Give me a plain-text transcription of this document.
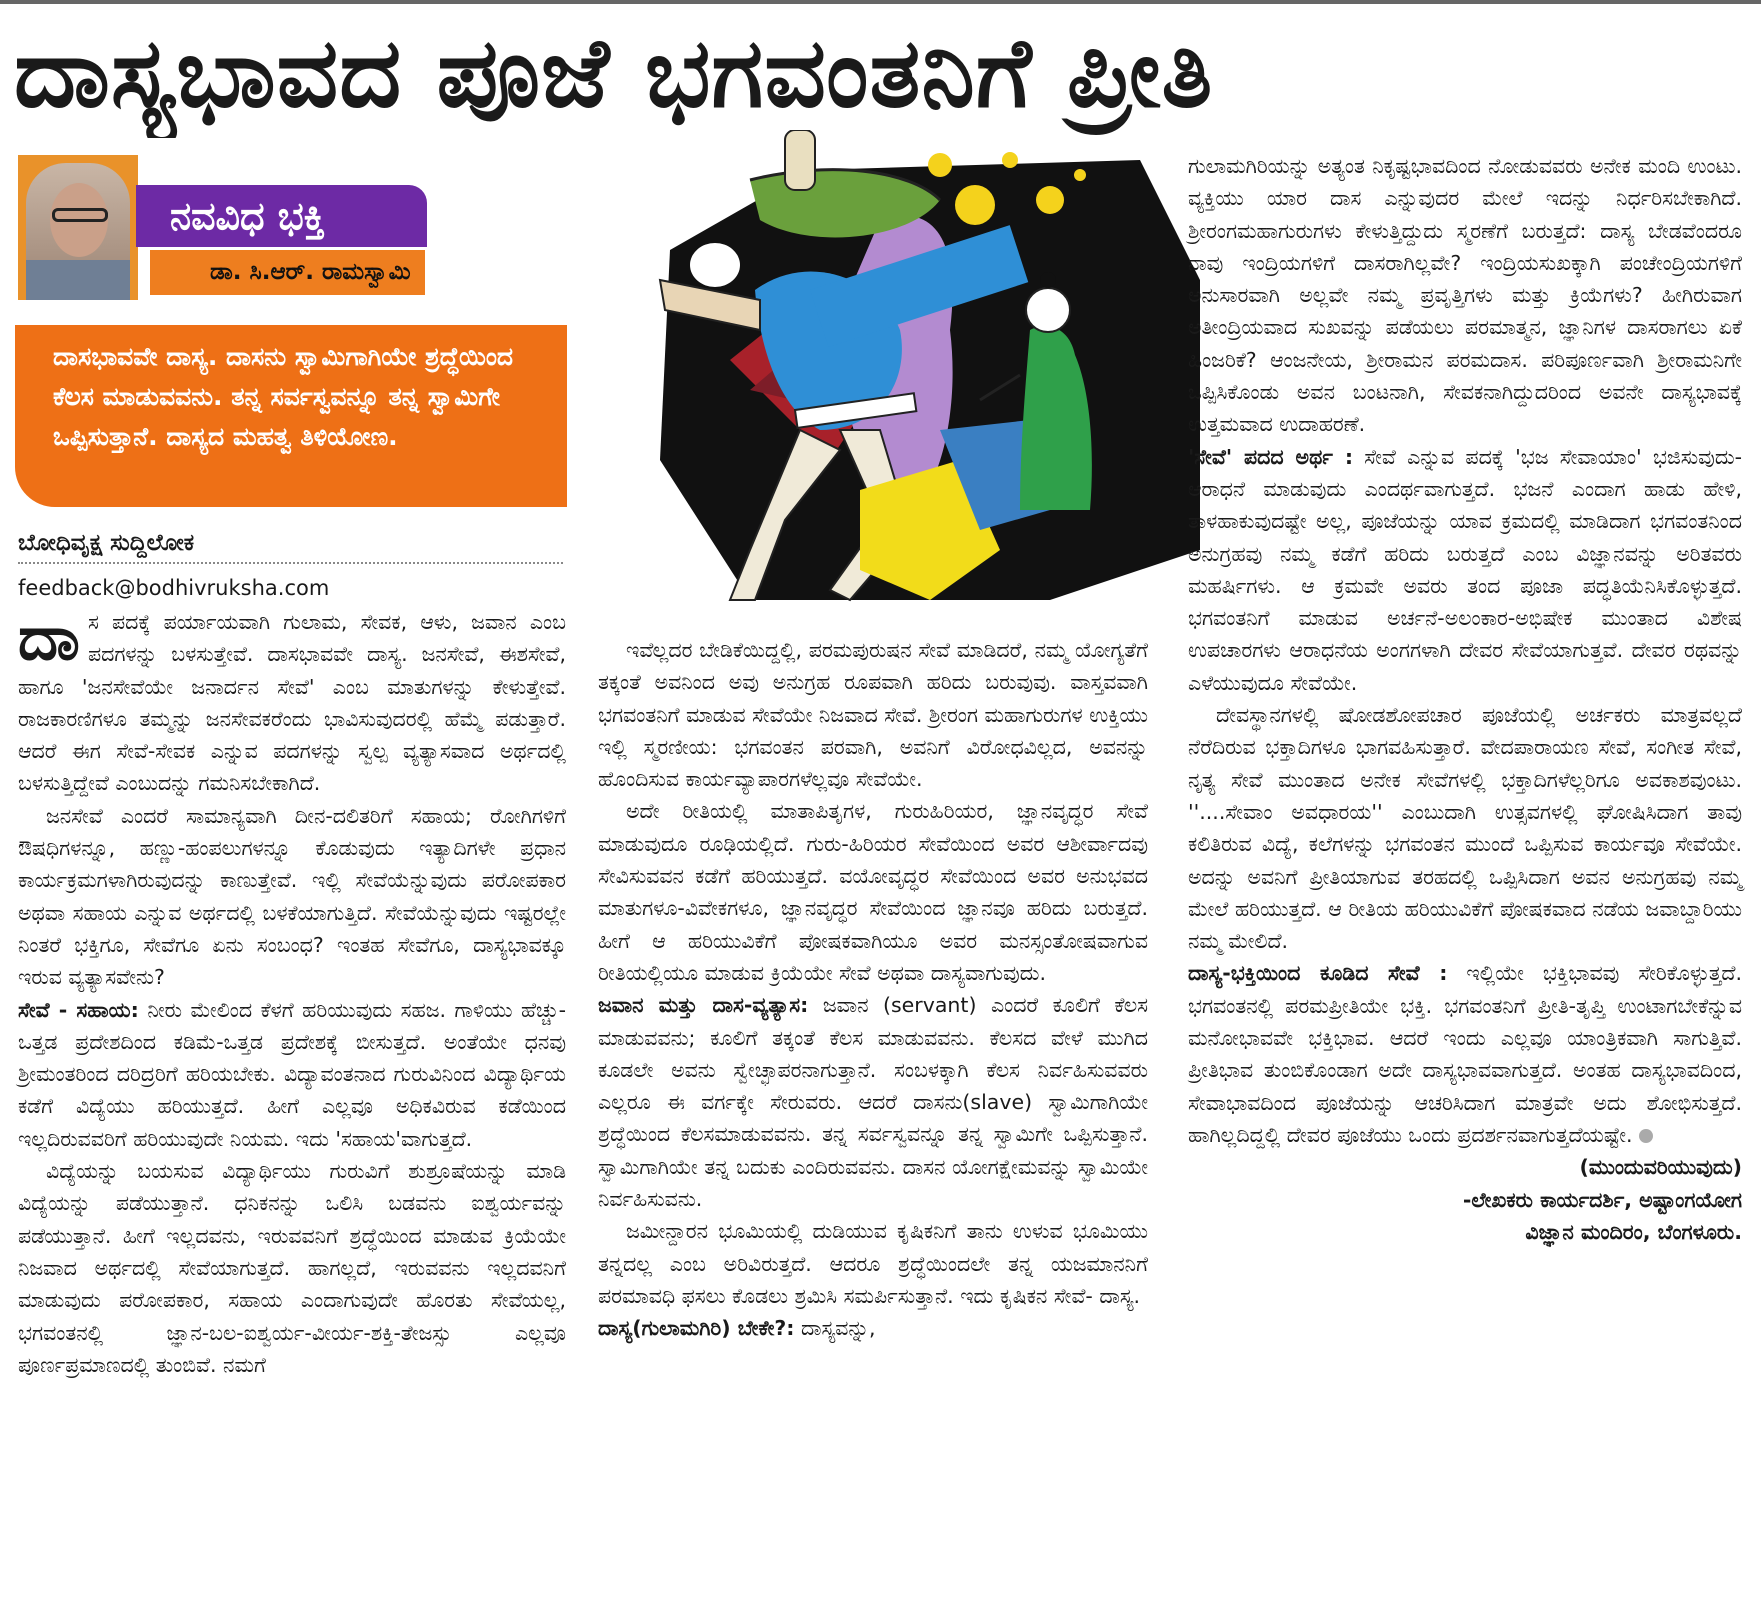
ದಾಸ್ಯಭಾವದ ಪೂಜೆ ಭಗವಂತನಿಗೆ ಪ್ರೀತಿ
ನವವಿಧ ಭಕ್ತಿ
ಡಾ. ಸಿ.ಆರ್. ರಾಮಸ್ವಾಮಿ
ದಾಸಭಾವವೇ ದಾಸ್ಯ. ದಾಸನು ಸ್ವಾಮಿಗಾಗಿಯೇ ಶ್ರದ್ಧೆಯಿಂದ ಕೆಲಸ ಮಾಡುವವನು. ತನ್ನ ಸರ್ವಸ್ವವನ್ನೂ ತನ್ನ ಸ್ವಾಮಿಗೇ ಒಪ್ಪಿಸುತ್ತಾನೆ. ದಾಸ್ಯದ ಮಹತ್ವ ತಿಳಿಯೋಣ.
ಬೋಧಿವೃಕ್ಷ ಸುದ್ದಿಲೋಕ
feedback@bodhivruksha.com

ದಾಸ ಪದಕ್ಕೆ ಪರ್ಯಾಯವಾಗಿ ಗುಲಾಮ, ಸೇವಕ, ಆಳು, ಜವಾನ ಎಂಬ ಪದಗಳನ್ನು ಬಳಸುತ್ತೇವೆ. ದಾಸಭಾವವೇ ದಾಸ್ಯ. ಜನಸೇವೆ, ಈಶಸೇವೆ, ಹಾಗೂ 'ಜನಸೇವೆಯೇ ಜನಾರ್ದನ ಸೇವೆ' ಎಂಬ ಮಾತುಗಳನ್ನು ಕೇಳುತ್ತೇವೆ. ರಾಜಕಾರಣಿಗಳೂ ತಮ್ಮನ್ನು ಜನಸೇವಕರೆಂದು ಭಾವಿಸುವುದರಲ್ಲಿ ಹೆಮ್ಮೆ ಪಡುತ್ತಾರೆ. ಆದರೆ ಈಗ ಸೇವೆ-ಸೇವಕ ಎನ್ನುವ ಪದಗಳನ್ನು ಸ್ವಲ್ಪ ವ್ಯತ್ಯಾಸವಾದ ಅರ್ಥದಲ್ಲಿ ಬಳಸುತ್ತಿದ್ದೇವೆ ಎಂಬುದನ್ನು ಗಮನಿಸಬೇಕಾಗಿದೆ.

ಜನಸೇವೆ ಎಂದರೆ ಸಾಮಾನ್ಯವಾಗಿ ದೀನ-ದಲಿತರಿಗೆ ಸಹಾಯ; ರೋಗಿಗಳಿಗೆ ಔಷಧಿಗಳನ್ನೂ, ಹಣ್ಣು-ಹಂಪಲುಗಳನ್ನೂ ಕೊಡುವುದು ಇತ್ಯಾದಿಗಳೇ ಪ್ರಧಾನ ಕಾರ್ಯಕ್ರಮಗಳಾಗಿರುವುದನ್ನು ಕಾಣುತ್ತೇವೆ. ಇಲ್ಲಿ ಸೇವೆಯೆನ್ನುವುದು ಪರೋಪಕಾರ ಅಥವಾ ಸಹಾಯ ಎನ್ನುವ ಅರ್ಥದಲ್ಲಿ ಬಳಕೆಯಾಗುತ್ತಿದೆ. ಸೇವೆಯೆನ್ನುವುದು ಇಷ್ಟರಲ್ಲೇ ನಿಂತರೆ ಭಕ್ತಿಗೂ, ಸೇವೆಗೂ ಏನು ಸಂಬಂಧ? ಇಂತಹ ಸೇವೆಗೂ, ದಾಸ್ಯಭಾವಕ್ಕೂ ಇರುವ ವ್ಯತ್ಯಾಸವೇನು?

ಸೇವೆ - ಸಹಾಯ: ನೀರು ಮೇಲಿಂದ ಕೆಳಗೆ ಹರಿಯುವುದು ಸಹಜ. ಗಾಳಿಯು ಹೆಚ್ಚು-ಒತ್ತಡ ಪ್ರದೇಶದಿಂದ ಕಡಿಮೆ-ಒತ್ತಡ ಪ್ರದೇಶಕ್ಕೆ ಬೀಸುತ್ತದೆ. ಅಂತೆಯೇ ಧನವು ಶ್ರೀಮಂತರಿಂದ ದರಿದ್ರರಿಗೆ ಹರಿಯಬೇಕು. ವಿದ್ಯಾವಂತನಾದ ಗುರುವಿನಿಂದ ವಿದ್ಯಾರ್ಥಿಯ ಕಡೆಗೆ ವಿದ್ಯೆಯು ಹರಿಯುತ್ತದೆ. ಹೀಗೆ ಎಲ್ಲವೂ ಅಧಿಕವಿರುವ ಕಡೆಯಿಂದ ಇಲ್ಲದಿರುವವರಿಗೆ ಹರಿಯುವುದೇ ನಿಯಮ. ಇದು 'ಸಹಾಯ'ವಾಗುತ್ತದೆ.

ವಿದ್ಯೆಯನ್ನು ಬಯಸುವ ವಿದ್ಯಾರ್ಥಿಯು ಗುರುವಿಗೆ ಶುಶ್ರೂಷೆಯನ್ನು ಮಾಡಿ ವಿದ್ಯೆಯನ್ನು ಪಡೆಯುತ್ತಾನೆ. ಧನಿಕನನ್ನು ಒಲಿಸಿ ಬಡವನು ಐಶ್ವರ್ಯವನ್ನು ಪಡೆಯುತ್ತಾನೆ. ಹೀಗೆ ಇಲ್ಲದವನು, ಇರುವವನಿಗೆ ಶ್ರದ್ಧೆಯಿಂದ ಮಾಡುವ ಕ್ರಿಯೆಯೇ ನಿಜವಾದ ಅರ್ಥದಲ್ಲಿ ಸೇವೆಯಾಗುತ್ತದೆ. ಹಾಗಲ್ಲದೆ, ಇರುವವನು ಇಲ್ಲದವನಿಗೆ ಮಾಡುವುದು ಪರೋಪಕಾರ, ಸಹಾಯ ಎಂದಾಗುವುದೇ ಹೊರತು ಸೇವೆಯಲ್ಲ, ಭಗವಂತನಲ್ಲಿ ಜ್ಞಾನ-ಬಲ-ಐಶ್ವರ್ಯ-ವೀರ್ಯ-ಶಕ್ತಿ-ತೇಜಸ್ಸು ಎಲ್ಲವೂ ಪೂರ್ಣಪ್ರಮಾಣದಲ್ಲಿ ತುಂಬಿವೆ. ನಮಗೆ

ಇವೆಲ್ಲದರ ಬೇಡಿಕೆಯಿದ್ದಲ್ಲಿ, ಪರಮಪುರುಷನ ಸೇವೆ ಮಾಡಿದರೆ, ನಮ್ಮ ಯೋಗ್ಯತೆಗೆ ತಕ್ಕಂತೆ ಅವನಿಂದ ಅವು ಅನುಗ್ರಹ ರೂಪವಾಗಿ ಹರಿದು ಬರುವುವು. ವಾಸ್ತವವಾಗಿ ಭಗವಂತನಿಗೆ ಮಾಡುವ ಸೇವೆಯೇ ನಿಜವಾದ ಸೇವೆ. ಶ್ರೀರಂಗ ಮಹಾಗುರುಗಳ ಉಕ್ತಿಯು ಇಲ್ಲಿ ಸ್ಮರಣೀಯ: ಭಗವಂತನ ಪರವಾಗಿ, ಅವನಿಗೆ ವಿರೋಧವಿಲ್ಲದ, ಅವನನ್ನು ಹೊಂದಿಸುವ ಕಾರ್ಯವ್ಯಾಪಾರಗಳೆಲ್ಲವೂ ಸೇವೆಯೇ.

ಅದೇ ರೀತಿಯಲ್ಲಿ ಮಾತಾಪಿತೃಗಳ, ಗುರುಹಿರಿಯರ, ಜ್ಞಾನವೃದ್ಧರ ಸೇವೆ ಮಾಡುವುದೂ ರೂಢಿಯಲ್ಲಿದೆ. ಗುರು-ಹಿರಿಯರ ಸೇವೆಯಿಂದ ಅವರ ಆಶೀರ್ವಾದವು ಸೇವಿಸುವವನ ಕಡೆಗೆ ಹರಿಯುತ್ತದೆ. ವಯೋವೃದ್ಧರ ಸೇವೆಯಿಂದ ಅವರ ಅನುಭವದ ಮಾತುಗಳೂ-ವಿವೇಕಗಳೂ, ಜ್ಞಾನವೃದ್ಧರ ಸೇವೆಯಿಂದ ಜ್ಞಾನವೂ ಹರಿದು ಬರುತ್ತದೆ. ಹೀಗೆ ಆ ಹರಿಯುವಿಕೆಗೆ ಪೋಷಕವಾಗಿಯೂ ಅವರ ಮನಸ್ಸಂತೋಷವಾಗುವ ರೀತಿಯಲ್ಲಿಯೂ ಮಾಡುವ ಕ್ರಿಯೆಯೇ ಸೇವೆ ಅಥವಾ ದಾಸ್ಯವಾಗುವುದು.

ಜವಾನ ಮತ್ತು ದಾಸ-ವ್ಯತ್ಯಾಸ: ಜವಾನ (servant) ಎಂದರೆ ಕೂಲಿಗೆ ಕೆಲಸ ಮಾಡುವವನು; ಕೂಲಿಗೆ ತಕ್ಕಂತೆ ಕೆಲಸ ಮಾಡುವವನು. ಕೆಲಸದ ವೇಳೆ ಮುಗಿದ ಕೂಡಲೇ ಅವನು ಸ್ವೇಚ್ಛಾಪರನಾಗುತ್ತಾನೆ. ಸಂಬಳಕ್ಕಾಗಿ ಕೆಲಸ ನಿರ್ವಹಿಸುವವರು ಎಲ್ಲರೂ ಈ ವರ್ಗಕ್ಕೇ ಸೇರುವರು. ಆದರೆ ದಾಸನು(slave) ಸ್ವಾಮಿಗಾಗಿಯೇ ಶ್ರದ್ಧೆಯಿಂದ ಕೆಲಸಮಾಡುವವನು. ತನ್ನ ಸರ್ವಸ್ವವನ್ನೂ ತನ್ನ ಸ್ವಾಮಿಗೇ ಒಪ್ಪಿಸುತ್ತಾನೆ. ಸ್ವಾಮಿಗಾಗಿಯೇ ತನ್ನ ಬದುಕು ಎಂದಿರುವವನು. ದಾಸನ ಯೋಗಕ್ಷೇಮವನ್ನು ಸ್ವಾಮಿಯೇ ನಿರ್ವಹಿಸುವನು.

ಜಮೀನ್ದಾರನ ಭೂಮಿಯಲ್ಲಿ ದುಡಿಯುವ ಕೃಷಿಕನಿಗೆ ತಾನು ಉಳುವ ಭೂಮಿಯು ತನ್ನದಲ್ಲ ಎಂಬ ಅರಿವಿರುತ್ತದೆ. ಆದರೂ ಶ್ರದ್ಧೆಯಿಂದಲೇ ತನ್ನ ಯಜಮಾನನಿಗೆ ಪರಮಾವಧಿ ಫಸಲು ಕೊಡಲು ಶ್ರಮಿಸಿ ಸಮರ್ಪಿಸುತ್ತಾನೆ. ಇದು ಕೃಷಿಕನ ಸೇವೆ- ದಾಸ್ಯ.

ದಾಸ್ಯ(ಗುಲಾಮಗಿರಿ) ಬೇಕೇ?: ದಾಸ್ಯವನ್ನು,

ಗುಲಾಮಗಿರಿಯನ್ನು ಅತ್ಯಂತ ನಿಕೃಷ್ಟಭಾವದಿಂದ ನೋಡುವವರು ಅನೇಕ ಮಂದಿ ಉಂಟು. ವ್ಯಕ್ತಿಯು ಯಾರ ದಾಸ ಎನ್ನುವುದರ ಮೇಲೆ ಇದನ್ನು ನಿರ್ಧರಿಸಬೇಕಾಗಿದೆ. ಶ್ರೀರಂಗಮಹಾಗುರುಗಳು ಕೇಳುತ್ತಿದ್ದುದು ಸ್ಮರಣೆಗೆ ಬರುತ್ತದೆ: ದಾಸ್ಯ ಬೇಡವೆಂದರೂ ನಾವು ಇಂದ್ರಿಯಗಳಿಗೆ ದಾಸರಾಗಿಲ್ಲವೇ? ಇಂದ್ರಿಯಸುಖಕ್ಕಾಗಿ ಪಂಚೇಂದ್ರಿಯಗಳಿಗೆ ಅನುಸಾರವಾಗಿ ಅಲ್ಲವೇ ನಮ್ಮ ಪ್ರವೃತ್ತಿಗಳು ಮತ್ತು ಕ್ರಿಯೆಗಳು? ಹೀಗಿರುವಾಗ ಅತೀಂದ್ರಿಯವಾದ ಸುಖವನ್ನು ಪಡೆಯಲು ಪರಮಾತ್ಮನ, ಜ್ಞಾನಿಗಳ ದಾಸರಾಗಲು ಏಕೆ ಹಿಂಜರಿಕೆ? ಆಂಜನೇಯ, ಶ್ರೀರಾಮನ ಪರಮದಾಸ. ಪರಿಪೂರ್ಣವಾಗಿ ಶ್ರೀರಾಮನಿಗೇ ಒಪ್ಪಿಸಿಕೊಂಡು ಅವನ ಬಂಟನಾಗಿ, ಸೇವಕನಾಗಿದ್ದುದರಿಂದ ಅವನೇ ದಾಸ್ಯಭಾವಕ್ಕೆ ಉತ್ತಮವಾದ ಉದಾಹರಣೆ.

'ಸೇವೆ' ಪದದ ಅರ್ಥ : ಸೇವೆ ಎನ್ನುವ ಪದಕ್ಕೆ 'ಭಜ ಸೇವಾಯಾಂ' ಭಜಿಸುವುದು-ಆರಾಧನೆ ಮಾಡುವುದು ಎಂದರ್ಥವಾಗುತ್ತದೆ. ಭಜನೆ ಎಂದಾಗ ಹಾಡು ಹೇಳಿ, ತಾಳಹಾಕುವುದಷ್ಟೇ ಅಲ್ಲ, ಪೂಜೆಯನ್ನು ಯಾವ ಕ್ರಮದಲ್ಲಿ ಮಾಡಿದಾಗ ಭಗವಂತನಿಂದ ಅನುಗ್ರಹವು ನಮ್ಮ ಕಡೆಗೆ ಹರಿದು ಬರುತ್ತದೆ ಎಂಬ ವಿಜ್ಞಾನವನ್ನು ಅರಿತವರು ಮಹರ್ಷಿಗಳು. ಆ ಕ್ರಮವೇ ಅವರು ತಂದ ಪೂಜಾ ಪದ್ಧತಿಯೆನಿಸಿಕೊಳ್ಳುತ್ತದೆ. ಭಗವಂತನಿಗೆ ಮಾಡುವ ಅರ್ಚನೆ-ಅಲಂಕಾರ-ಅಭಿಷೇಕ ಮುಂತಾದ ವಿಶೇಷ ಉಪಚಾರಗಳು ಆರಾಧನೆಯ ಅಂಗಗಳಾಗಿ ದೇವರ ಸೇವೆಯಾಗುತ್ತವೆ. ದೇವರ ರಥವನ್ನು ಎಳೆಯುವುದೂ ಸೇವೆಯೇ.

ದೇವಸ್ಥಾನಗಳಲ್ಲಿ ಷೋಡಶೋಪಚಾರ ಪೂಜೆಯಲ್ಲಿ ಅರ್ಚಕರು ಮಾತ್ರವಲ್ಲದೆ ನೆರೆದಿರುವ ಭಕ್ತಾದಿಗಳೂ ಭಾಗವಹಿಸುತ್ತಾರೆ. ವೇದಪಾರಾಯಣ ಸೇವೆ, ಸಂಗೀತ ಸೇವೆ, ನೃತ್ಯ ಸೇವೆ ಮುಂತಾದ ಅನೇಕ ಸೇವೆಗಳಲ್ಲಿ ಭಕ್ತಾದಿಗಳೆಲ್ಲರಿಗೂ ಅವಕಾಶವುಂಟು. ''....ಸೇವಾಂ ಅವಧಾರಯ'' ಎಂಬುದಾಗಿ ಉತ್ಸವಗಳಲ್ಲಿ ಘೋಷಿಸಿದಾಗ ತಾವು ಕಲಿತಿರುವ ವಿದ್ಯೆ, ಕಲೆಗಳನ್ನು ಭಗವಂತನ ಮುಂದೆ ಒಪ್ಪಿಸುವ ಕಾರ್ಯವೂ ಸೇವೆಯೇ. ಅದನ್ನು ಅವನಿಗೆ ಪ್ರೀತಿಯಾಗುವ ತರಹದಲ್ಲಿ ಒಪ್ಪಿಸಿದಾಗ ಅವನ ಅನುಗ್ರಹವು ನಮ್ಮ ಮೇಲೆ ಹರಿಯುತ್ತದೆ. ಆ ರೀತಿಯ ಹರಿಯುವಿಕೆಗೆ ಪೋಷಕವಾದ ನಡೆಯ ಜವಾಬ್ದಾರಿಯು ನಮ್ಮ ಮೇಲಿದೆ.

ದಾಸ್ಯ-ಭಕ್ತಿಯಿಂದ ಕೂಡಿದ ಸೇವೆ : ಇಲ್ಲಿಯೇ ಭಕ್ತಿಭಾವವು ಸೇರಿಕೊಳ್ಳುತ್ತದೆ. ಭಗವಂತನಲ್ಲಿ ಪರಮಪ್ರೀತಿಯೇ ಭಕ್ತಿ. ಭಗವಂತನಿಗೆ ಪ್ರೀತಿ-ತೃಪ್ತಿ ಉಂಟಾಗಬೇಕೆನ್ನುವ ಮನೋಭಾವವೇ ಭಕ್ತಿಭಾವ. ಆದರೆ ಇಂದು ಎಲ್ಲವೂ ಯಾಂತ್ರಿಕವಾಗಿ ಸಾಗುತ್ತಿವೆ. ಪ್ರೀತಿಭಾವ ತುಂಬಿಕೊಂಡಾಗ ಅದೇ ದಾಸ್ಯಭಾವವಾಗುತ್ತದೆ. ಅಂತಹ ದಾಸ್ಯಭಾವದಿಂದ, ಸೇವಾಭಾವದಿಂದ ಪೂಜೆಯನ್ನು ಆಚರಿಸಿದಾಗ ಮಾತ್ರವೇ ಅದು ಶೋಭಿಸುತ್ತದೆ. ಹಾಗಿಲ್ಲದಿದ್ದಲ್ಲಿ ದೇವರ ಪೂಜೆಯು ಒಂದು ಪ್ರದರ್ಶನವಾಗುತ್ತದೆಯಷ್ಟೇ.

(ಮುಂದುವರಿಯುವುದು)

-ಲೇಖಕರು ಕಾರ್ಯದರ್ಶಿ, ಅಷ್ಟಾಂಗಯೋಗ

ವಿಜ್ಞಾನ ಮಂದಿರಂ, ಬೆಂಗಳೂರು.
